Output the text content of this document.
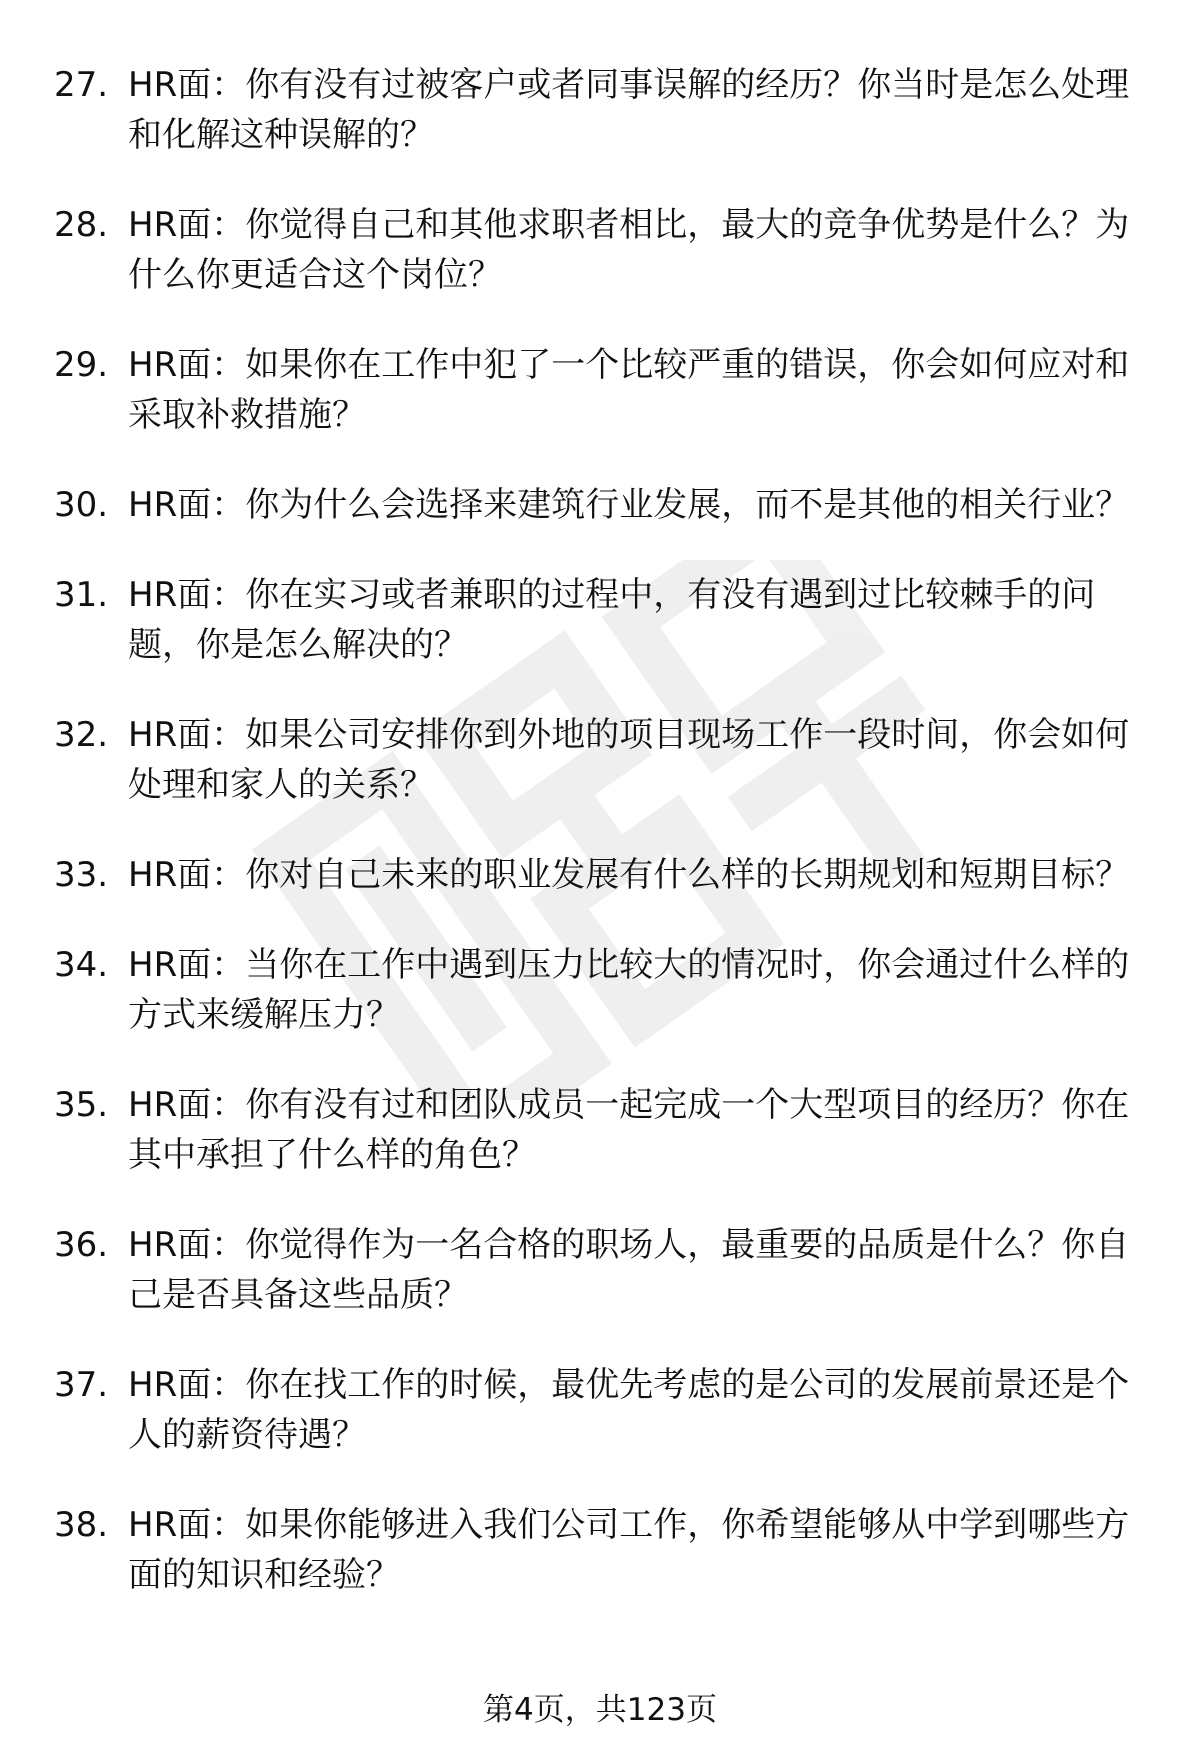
27. HR面：你有没有过被客户或者同事误解的经历？你当时是怎么处理和化解这种误解的？
28. HR面：你觉得自己和其他求职者相比，最大的竞争优势是什么？为什么你更适合这个岗位？
29. HR面：如果你在工作中犯了一个比较严重的错误，你会如何应对和采取补救措施？
30. HR面：你为什么会选择来建筑行业发展，而不是其他的相关行业？
31. HR面：你在实习或者兼职的过程中，有没有遇到过比较棘手的问题，你是怎么解决的？
32. HR面：如果公司安排你到外地的项目现场工作一段时间，你会如何处理和家人的关系？
33. HR面：你对自己未来的职业发展有什么样的长期规划和短期目标？
34. HR面：当你在工作中遇到压力比较大的情况时，你会通过什么样的方式来缓解压力？
35. HR面：你有没有过和团队成员一起完成一个大型项目的经历？你在其中承担了什么样的角色？
36. HR面：你觉得作为一名合格的职场人，最重要的品质是什么？你自己是否具备这些品质？
37. HR面：你在找工作的时候，最优先考虑的是公司的发展前景还是个人的薪资待遇？
38. HR面：如果你能够进入我们公司工作，你希望能够从中学到哪些方面的知识和经验？
第4页，共123页
